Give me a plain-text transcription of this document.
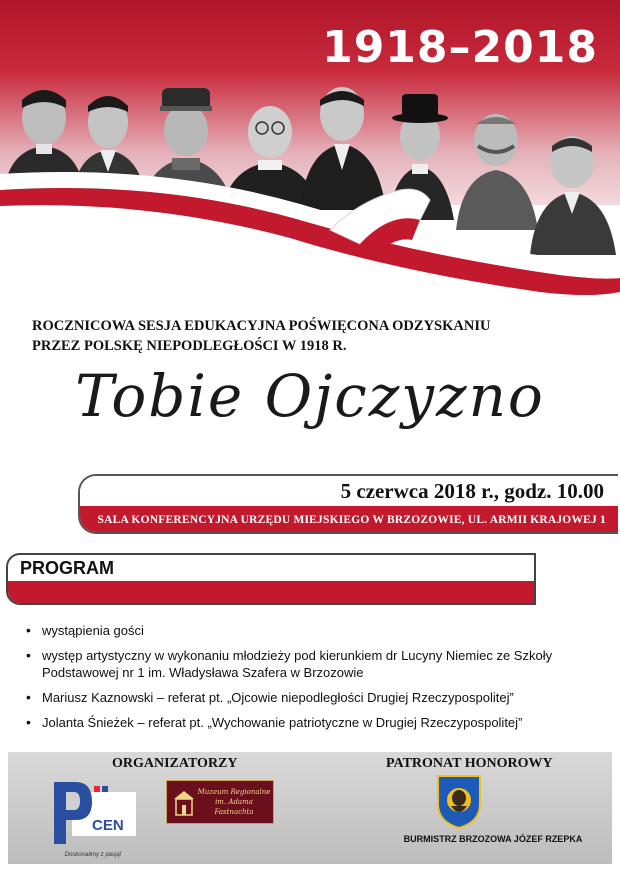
1918–2018
ROCZNICOWA SESJA EDUKACYJNA POŚWIĘCONA ODZYSKANIU
PRZEZ POLSKĘ NIEPODLEGŁOŚCI W 1918 R.
Tobie Ojczyzno
5 czerwca 2018 r., godz. 10.00
SALA KONFERENCYJNA URZĘDU MIEJSKIEGO W BRZOZOWIE, UL. ARMII KRAJOWEJ 1
PROGRAM
• wystąpienia gości
• występ artystyczny w wykonaniu młodzieży pod kierunkiem dr Lucyny Niemiec ze Szkoły Podstawowej nr 1 im. Władysława Szafera w Brzozowie
• Mariusz Kaznowski – referat pt. „Ojcowie niepodległości Drugiej Rzeczypospolitej”
• Jolanta Śnieżek – referat pt. „Wychowanie patriotyczne w Drugiej Rzeczypospolitej”
ORGANIZATORZY	PATRONAT HONOROWY
CEN
Doskonalimy z pasją!
Muzeum Regionalne
im. Adama Fastnachta
BURMISTRZ BRZOZOWA JÓZEF RZEPKA
